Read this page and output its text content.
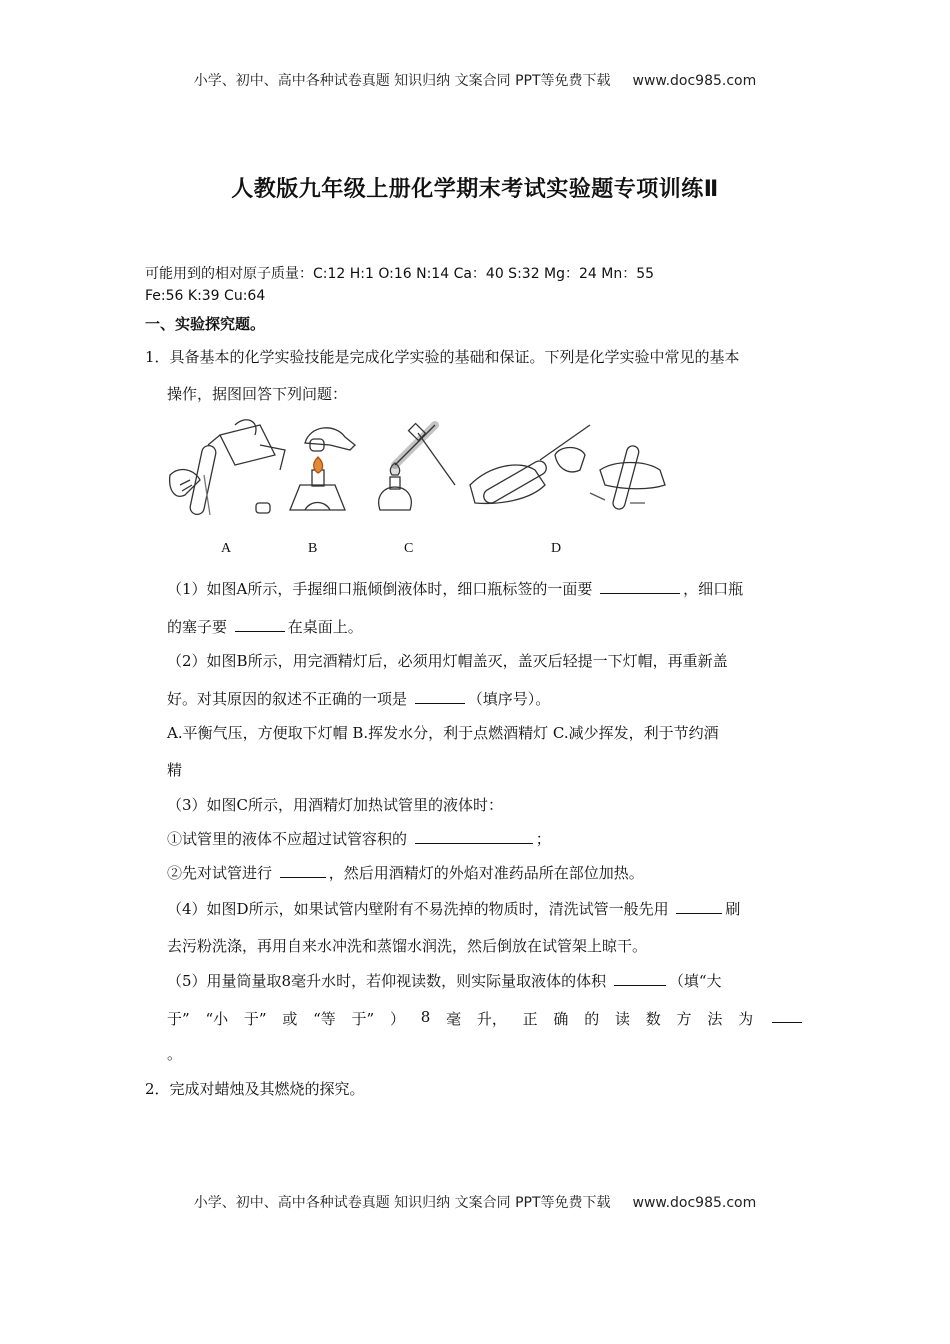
小学、初中、高中各种试卷真题 知识归纳 文案合同 PPT等免费下载 www.doc985.com
人教版九年级上册化学期末考试实验题专项训练Ⅱ
可能用到的相对原子质量：C:12 H:1 O:16 N:14 Ca：40 S:32 Mg：24 Mn：55
Fe:56 K:39 Cu:64
一、实验探究题。
1．具备基本的化学实验技能是完成化学实验的基础和保证。下列是化学实验中常见的基本
操作，据图回答下列问题：
A	B	C	D
（1）如图A所示，手握细口瓶倾倒液体时，细口瓶标签的一面要	，细口瓶
的塞子要	在桌面上。
（2）如图B所示，用完酒精灯后，必须用灯帽盖灭，盖灭后轻提一下灯帽，再重新盖
好。对其原因的叙述不正确的一项是	（填序号）。
A.平衡气压，方便取下灯帽 B.挥发水分，利于点燃酒精灯 C.减少挥发，利于节约酒
精
（3）如图C所示，用酒精灯加热试管里的液体时：
①试管里的液体不应超过试管容积的	；
②先对试管进行	，然后用酒精灯的外焰对准药品所在部位加热。
（4）如图D所示，如果试管内壁附有不易洗掉的物质时，清洗试管一般先用	刷
去污粉洗涤，再用自来水冲洗和蒸馏水润洗，然后倒放在试管架上晾干。
（5）用量筒量取8毫升水时，若仰视读数，则实际量取液体的体积	（填“大
于” “小 于” 或 “等 于” ） 8 毫 升， 正 确 的 读 数 方 法 为
。
2．完成对蜡烛及其燃烧的探究。
小学、初中、高中各种试卷真题 知识归纳 文案合同 PPT等免费下载 www.doc985.com
